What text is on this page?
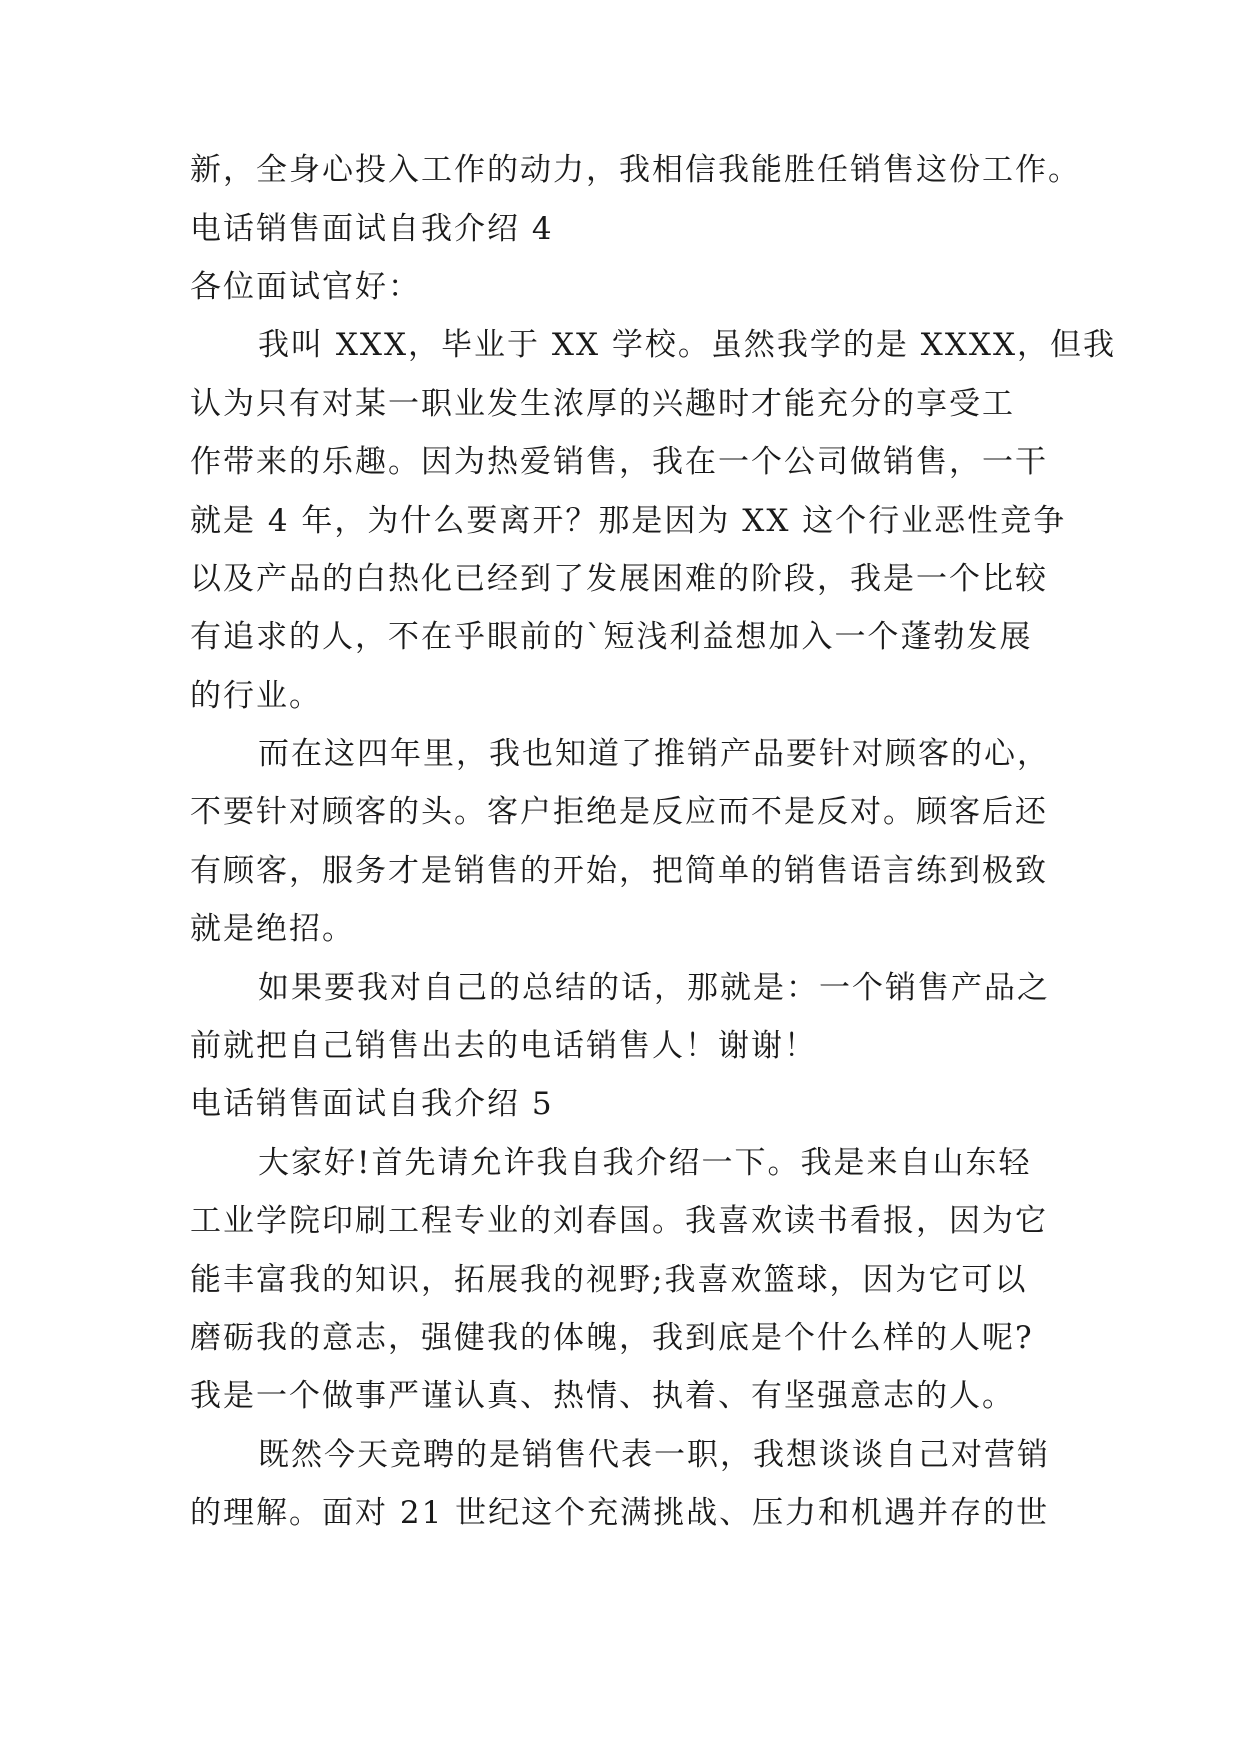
新，全身心投入工作的动力，我相信我能胜任销售这份工作。
电话销售面试自我介绍 4
各位面试官好：
我叫 XXX，毕业于 XX 学校。虽然我学的是 XXXX，但我
认为只有对某一职业发生浓厚的兴趣时才能充分的享受工
作带来的乐趣。因为热爱销售，我在一个公司做销售，一干
就是 4 年，为什么要离开？那是因为 XX 这个行业恶性竞争
以及产品的白热化已经到了发展困难的阶段，我是一个比较
有追求的人，不在乎眼前的`短浅利益想加入一个蓬勃发展
的行业。
而在这四年里，我也知道了推销产品要针对顾客的心，
不要针对顾客的头。客户拒绝是反应而不是反对。顾客后还
有顾客，服务才是销售的开始，把简单的销售语言练到极致
就是绝招。
如果要我对自己的总结的话，那就是：一个销售产品之
前就把自己销售出去的电话销售人！谢谢！
电话销售面试自我介绍 5
大家好!首先请允许我自我介绍一下。我是来自山东轻
工业学院印刷工程专业的刘春国。我喜欢读书看报，因为它
能丰富我的知识，拓展我的视野;我喜欢篮球，因为它可以
磨砺我的意志，强健我的体魄，我到底是个什么样的人呢?
我是一个做事严谨认真、热情、执着、有坚强意志的人。
既然今天竞聘的是销售代表一职，我想谈谈自己对营销
的理解。面对 21 世纪这个充满挑战、压力和机遇并存的世
